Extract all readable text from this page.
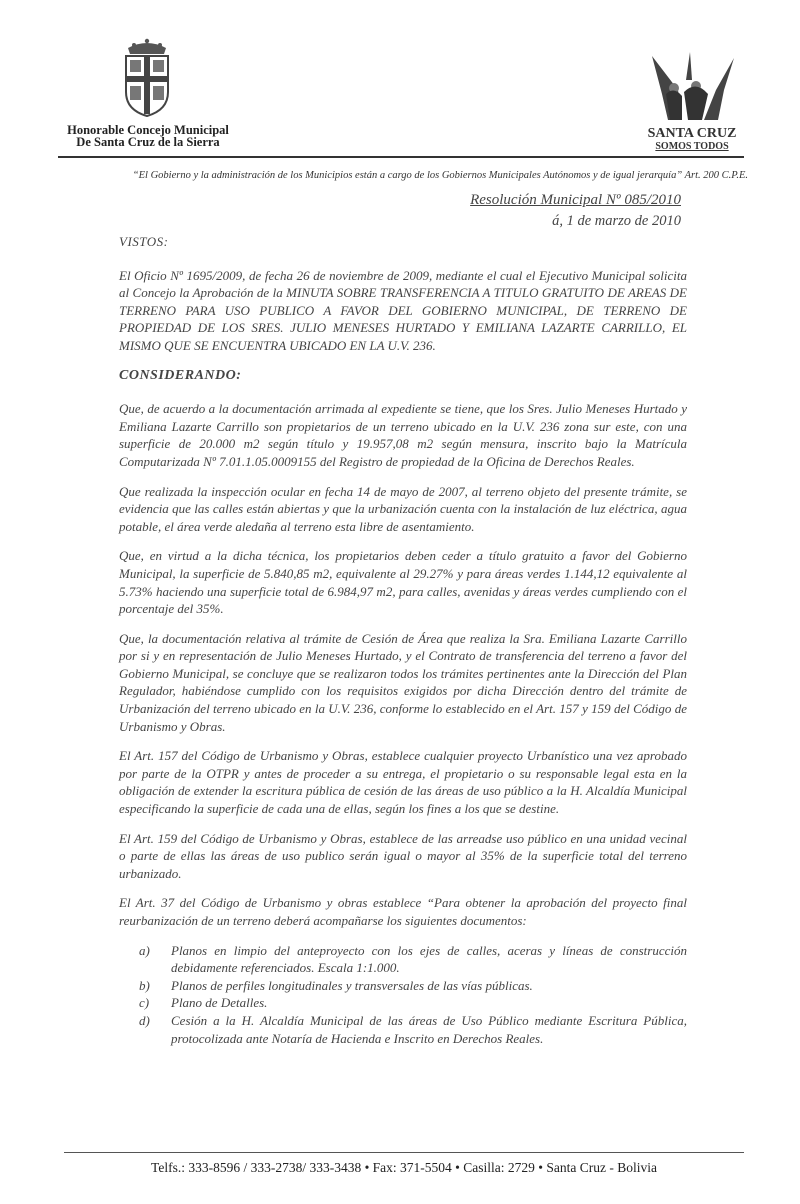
Honorable Concejo Municipal
De Santa Cruz de la Sierra
SANTA CRUZ
SOMOS TODOS
“El Gobierno y la administración de los Municipios están a cargo de los Gobiernos Municipales Autónomos y de igual jerarquía” Art. 200 C.P.E.
Resolución Municipal Nº 085/2010
á, 1 de marzo de 2010
VISTOS:

El Oficio Nº 1695/2009, de fecha 26 de noviembre de 2009, mediante el cual el Ejecutivo Municipal solicita al Concejo la Aprobación de la MINUTA SOBRE TRANSFERENCIA A TITULO GRATUITO DE AREAS DE TERRENO PARA USO PUBLICO A FAVOR DEL GOBIERNO MUNICIPAL, DE TERRENO DE PROPIEDAD DE LOS SRES. JULIO MENESES HURTADO Y EMILIANA LAZARTE CARRILLO, EL MISMO QUE SE ENCUENTRA UBICADO EN LA U.V. 236.

CONSIDERANDO:

Que, de acuerdo a la documentación arrimada al expediente se tiene, que los Sres. Julio Meneses Hurtado y Emiliana Lazarte Carrillo son propietarios de un terreno ubicado en la U.V. 236 zona sur este, con una superficie de 20.000 m2 según título y 19.957,08 m2 según mensura, inscrito bajo la Matrícula Computarizada Nº 7.01.1.05.0009155 del Registro de propiedad de la Oficina de Derechos Reales.

Que realizada la inspección ocular en fecha 14 de mayo de 2007, al terreno objeto del presente trámite, se evidencia que las calles están abiertas y que la urbanización cuenta con la instalación de luz eléctrica, agua potable, el área verde aledaña al terreno esta libre de asentamiento.

Que, en virtud a la dicha técnica, los propietarios deben ceder a título gratuito a favor del Gobierno Municipal, la superficie de 5.840,85 m2, equivalente al 29.27% y para áreas verdes 1.144,12 equivalente al 5.73% haciendo una superficie total de 6.984,97 m2, para calles, avenidas y áreas verdes cumpliendo con el porcentaje del 35%.

Que, la documentación relativa al trámite de Cesión de Área que realiza la Sra. Emiliana Lazarte Carrillo por si y en representación de Julio Meneses Hurtado, y el Contrato de transferencia del terreno a favor del Gobierno Municipal, se concluye que se realizaron todos los trámites pertinentes ante la Dirección del Plan Regulador, habiéndose cumplido con los requisitos exigidos por dicha Dirección dentro del trámite de Urbanización del terreno ubicado en la U.V. 236, conforme lo establecido en el Art. 157 y 159 del Código de Urbanismo y Obras.

El Art. 157 del Código de Urbanismo y Obras, establece cualquier proyecto Urbanístico una vez aprobado por parte de la OTPR y antes de proceder a su entrega, el propietario o su responsable legal esta en la obligación de extender la escritura pública de cesión de las áreas de uso público a la H. Alcaldía Municipal especificando la superficie de cada una de ellas, según los fines a los que se destine.

El Art. 159 del Código de Urbanismo y Obras, establece de las arreadse uso público en una unidad vecinal o parte de ellas las áreas de uso publico serán igual o mayor al 35% de la superficie total del terreno urbanizado.

El Art. 37 del Código de Urbanismo y obras establece “Para obtener la aprobación del proyecto final reurbanización de un terreno deberá acompañarse los siguientes documentos:

a) Planos en limpio del anteproyecto con los ejes de calles, aceras y líneas de construcción debidamente referenciados. Escala 1:1.000.
b) Planos de perfiles longitudinales y transversales de las vías públicas.
c) Plano de Detalles.
d) Cesión a la H. Alcaldía Municipal de las áreas de Uso Público mediante Escritura Pública, protocolizada ante Notaría de Hacienda e Inscrito en Derechos Reales.
Telfs.: 333-8596 / 333-2738/ 333-3438 • Fax: 371-5504 • Casilla: 2729 • Santa Cruz - Bolivia
